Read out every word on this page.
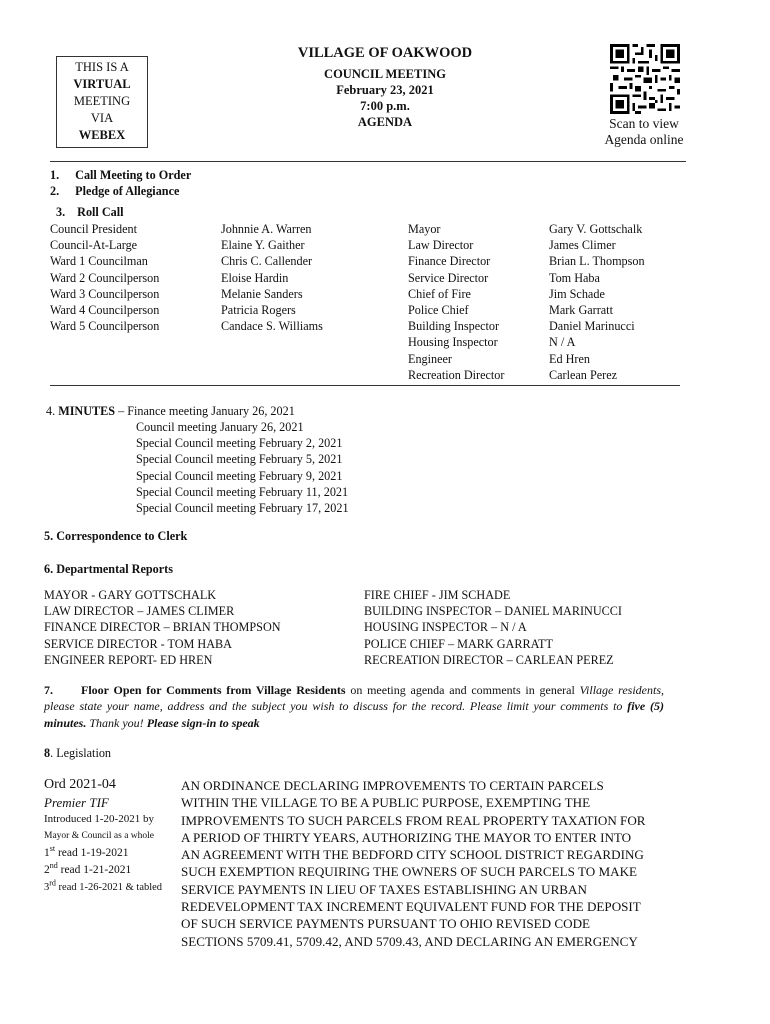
THIS IS A
VIRTUAL
MEETING
VIA
WEBEX
VILLAGE OF OAKWOOD
COUNCIL MEETING
February 23, 2021
7:00 p.m.
AGENDA	Scan to view
Agenda online
1. Call Meeting to Order
2. Pledge of Allegiance
3. Roll Call
Council President
Council-At-Large
Ward 1 Councilman
Ward 2 Councilperson
Ward 3 Councilperson
Ward 4 Councilperson
Ward 5 Councilperson
Johnnie A. Warren
Elaine Y. Gaither
Chris C. Callender
Eloise Hardin
Melanie Sanders
Patricia Rogers
Candace S. Williams
Mayor
Law Director
Finance Director
Service Director
Chief of Fire
Police Chief
Building Inspector
Housing Inspector
Engineer
Recreation Director
Gary V. Gottschalk
James Climer
Brian L. Thompson
Tom Haba
Jim Schade
Mark Garratt
Daniel Marinucci
N / A
Ed Hren
Carlean Perez
4. MINUTES – Finance meeting January 26, 2021
Council meeting January 26, 2021
Special Council meeting February 2, 2021
Special Council meeting February 5, 2021
Special Council meeting February 9, 2021
Special Council meeting February 11, 2021
Special Council meeting February 17, 2021
5. Correspondence to Clerk
6. Departmental Reports
MAYOR - GARY GOTTSCHALK
LAW DIRECTOR – JAMES CLIMER
FINANCE DIRECTOR – BRIAN THOMPSON
SERVICE DIRECTOR - TOM HABA
ENGINEER REPORT- ED HREN
FIRE CHIEF - JIM SCHADE
BUILDING INSPECTOR – DANIEL MARINUCCI
HOUSING INSPECTOR – N / A
POLICE CHIEF – MARK GARRATT
RECREATION DIRECTOR – CARLEAN PEREZ
7. Floor Open for Comments from Village Residents on meeting agenda and comments in general Village residents, please state your name, address and the subject you wish to discuss for the record. Please limit your comments to five (5) minutes. Thank you! Please sign-in to speak
8. Legislation
Ord 2021-04
Premier TIF
Introduced 1-20-2021 by
Mayor & Council as a whole
1st read 1-19-2021
2nd read 1-21-2021
3rd read 1-26-2021 & tabled
AN ORDINANCE DECLARING IMPROVEMENTS TO CERTAIN PARCELS
WITHIN THE VILLAGE TO BE A PUBLIC PURPOSE, EXEMPTING THE
IMPROVEMENTS TO SUCH PARCELS FROM REAL PROPERTY TAXATION FOR
A PERIOD OF THIRTY YEARS, AUTHORIZING THE MAYOR TO ENTER INTO
AN AGREEMENT WITH THE BEDFORD CITY SCHOOL DISTRICT REGARDING
SUCH EXEMPTION REQUIRING THE OWNERS OF SUCH PARCELS TO MAKE
SERVICE PAYMENTS IN LIEU OF TAXES ESTABLISHING AN URBAN
REDEVELOPMENT TAX INCREMENT EQUIVALENT FUND FOR THE DEPOSIT
OF SUCH SERVICE PAYMENTS PURSUANT TO OHIO REVISED CODE
SECTIONS 5709.41, 5709.42, AND 5709.43, AND DECLARING AN EMERGENCY
